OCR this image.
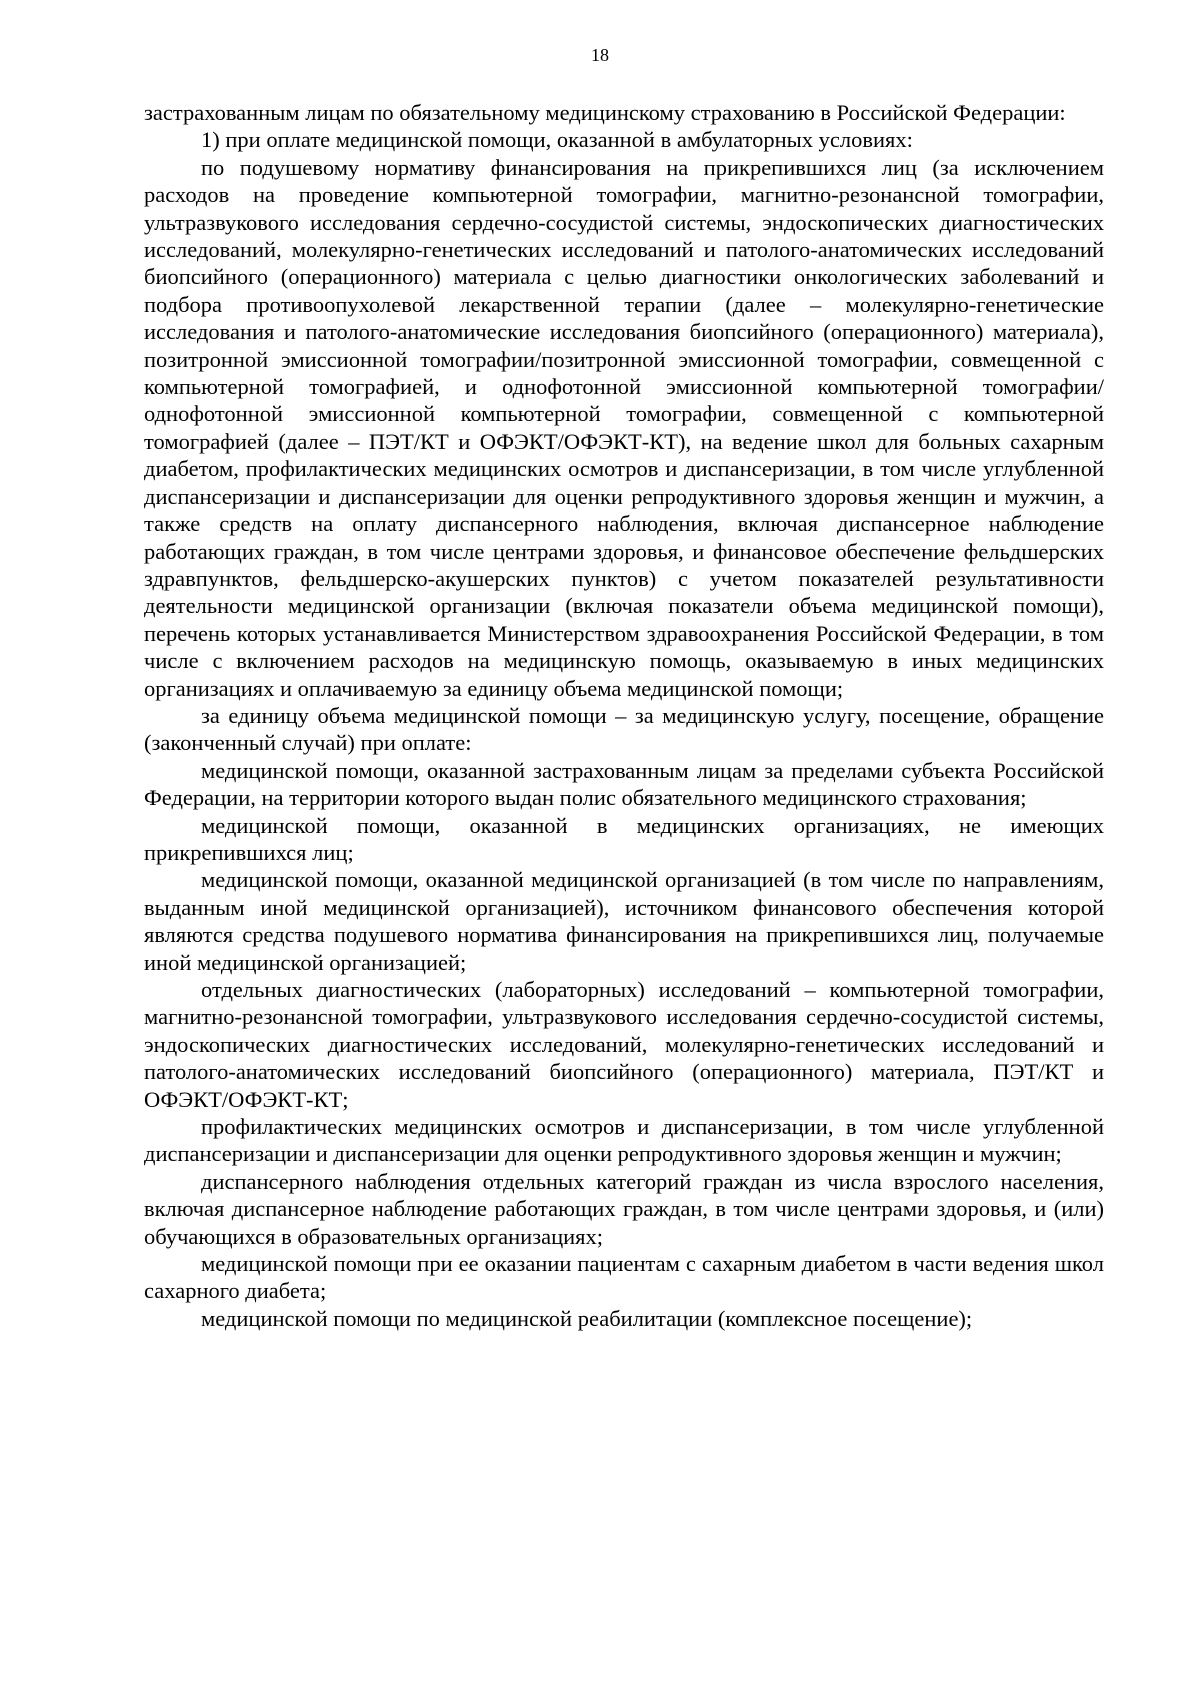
18

застрахованным лицам по обязательному медицинскому страхованию в Российской Федерации:

1) при оплате медицинской помощи, оказанной в амбулаторных условиях:

по подушевому нормативу финансирования на прикрепившихся лиц (за исключением расходов на проведение компьютерной томографии, магнитно-резонансной томографии, ультразвукового исследования сердечно-сосудистой системы, эндоскопических диагностических исследований, молекулярно-генетических исследований и патолого-анатомических исследований биопсийного (операционного) материала с целью диагностики онкологических заболеваний и подбора противоопухолевой лекарственной терапии (далее – молекулярно-генетические исследования и патолого-анатомические исследования биопсийного (операционного) материала), позитронной эмиссионной томографии/позитронной эмиссионной томографии, совмещенной с компьютерной томографией, и однофотонной эмиссионной компьютерной томографии/однофотонной эмиссионной компьютерной томографии, совмещенной с компьютерной томографией (далее – ПЭТ/КТ и ОФЭКТ/ОФЭКТ-КТ), на ведение школ для больных сахарным диабетом, профилактических медицинских осмотров и диспансеризации, в том числе углубленной диспансеризации и диспансеризации для оценки репродуктивного здоровья женщин и мужчин, а также средств на оплату диспансерного наблюдения, включая диспансерное наблюдение работающих граждан, в том числе центрами здоровья, и финансовое обеспечение фельдшерских здравпунктов, фельдшерско-акушерских пунктов) с учетом показателей результативности деятельности медицинской организации (включая показатели объема медицинской помощи), перечень которых устанавливается Министерством здравоохранения Российской Федерации, в том числе с включением расходов на медицинскую помощь, оказываемую в иных медицинских организациях и оплачиваемую за единицу объема медицинской помощи;

за единицу объема медицинской помощи – за медицинскую услугу, посещение, обращение (законченный случай) при оплате:

медицинской помощи, оказанной застрахованным лицам за пределами субъекта Российской Федерации, на территории которого выдан полис обязательного медицинского страхования;

медицинской помощи, оказанной в медицинских организациях, не имеющих прикрепившихся лиц;

медицинской помощи, оказанной медицинской организацией (в том числе по направлениям, выданным иной медицинской организацией), источником финансового обеспечения которой являются средства подушевого норматива финансирования на прикрепившихся лиц, получаемые иной медицинской организацией;

отдельных диагностических (лабораторных) исследований – компьютерной томографии, магнитно-резонансной томографии, ультразвукового исследования сердечно-сосудистой системы, эндоскопических диагностических исследований, молекулярно-генетических исследований и патолого-анатомических исследований биопсийного (операционного) материала, ПЭТ/КТ и ОФЭКТ/ОФЭКТ-КТ;

профилактических медицинских осмотров и диспансеризации, в том числе углубленной диспансеризации и диспансеризации для оценки репродуктивного здоровья женщин и мужчин;

диспансерного наблюдения отдельных категорий граждан из числа взрослого населения, включая диспансерное наблюдение работающих граждан, в том числе центрами здоровья, и (или) обучающихся в образовательных организациях;

медицинской помощи при ее оказании пациентам с сахарным диабетом в части ведения школ сахарного диабета;

медицинской помощи по медицинской реабилитации (комплексное посещение);
